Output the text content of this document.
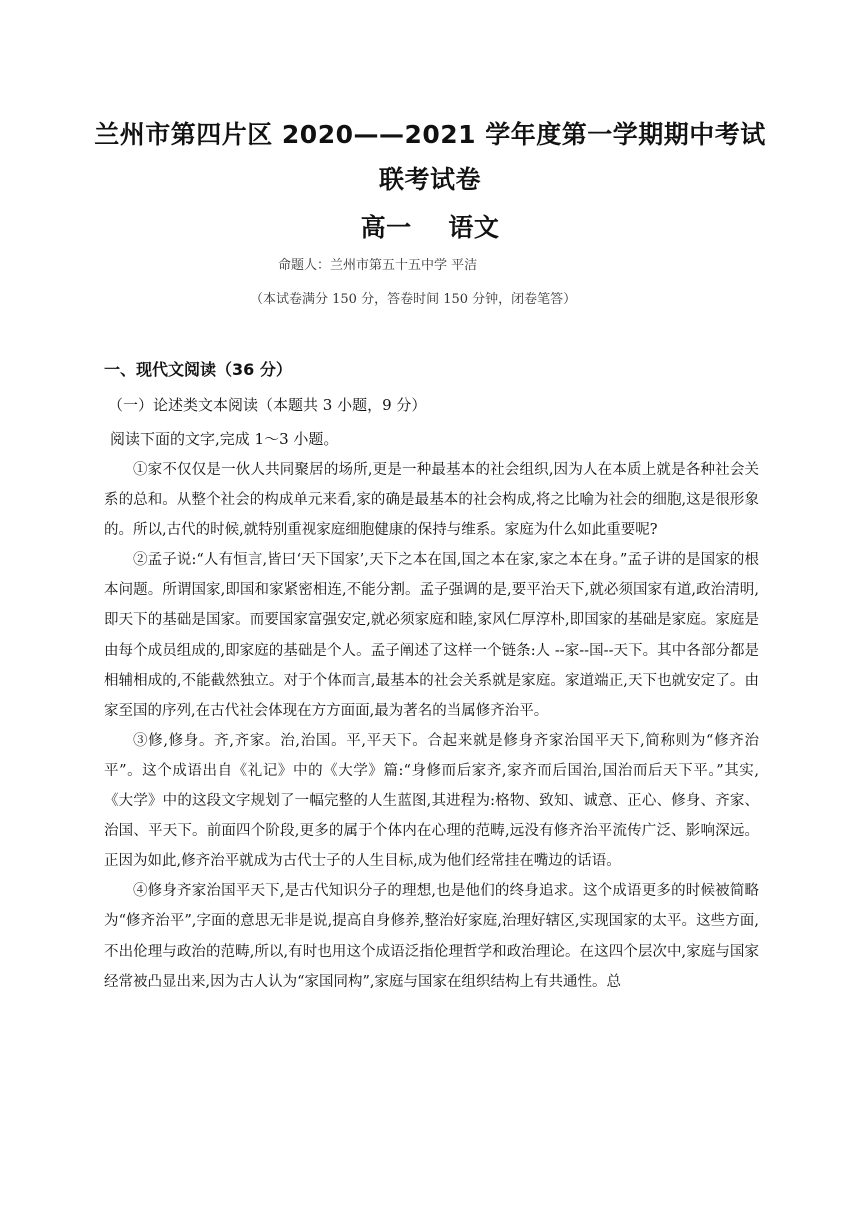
兰州市第四片区 2020——2021 学年度第一学期期中考试
联考试卷
高一    语文
命题人：兰州市第五十五中学 平洁
（本试卷满分 150 分，答卷时间 150 分钟，闭卷笔答）
一、现代文阅读（36 分）
（一）论述类文本阅读（本题共 3 小题，9 分）
阅读下面的文字,完成 1～3 小题。

①家不仅仅是一伙人共同聚居的场所,更是一种最基本的社会组织,因为人在本质上就是各种社会关系的总和。从整个社会的构成单元来看,家的确是最基本的社会构成,将之比喻为社会的细胞,这是很形象的。所以,古代的时候,就特别重视家庭细胞健康的保持与维系。家庭为什么如此重要呢?

②孟子说:“人有恒言,皆曰‘天下国家’,天下之本在国,国之本在家,家之本在身。”孟子讲的是国家的根本问题。所谓国家,即国和家紧密相连,不能分割。孟子强调的是,要平治天下,就必须国家有道,政治清明,即天下的基础是国家。而要国家富强安定,就必须家庭和睦,家风仁厚淳朴,即国家的基础是家庭。家庭是由每个成员组成的,即家庭的基础是个人。孟子阐述了这样一个链条:人 --家--国--天下。其中各部分都是相辅相成的,不能截然独立。对于个体而言,最基本的社会关系就是家庭。家道端正,天下也就安定了。由家至国的序列,在古代社会体现在方方面面,最为著名的当属修齐治平。

③修,修身。齐,齐家。治,治国。平,平天下。合起来就是修身齐家治国平天下,简称则为“修齐治平”。这个成语出自《礼记》中的《大学》篇:“身修而后家齐,家齐而后国治,国治而后天下平。”其实,《大学》中的这段文字规划了一幅完整的人生蓝图,其进程为:格物、致知、诚意、正心、修身、齐家、治国、平天下。前面四个阶段,更多的属于个体内在心理的范畴,远没有修齐治平流传广泛、影响深远。正因为如此,修齐治平就成为古代士子的人生目标,成为他们经常挂在嘴边的话语。

④修身齐家治国平天下,是古代知识分子的理想,也是他们的终身追求。这个成语更多的时候被简略为“修齐治平”,字面的意思无非是说,提高自身修养,整治好家庭,治理好辖区,实现国家的太平。这些方面,不出伦理与政治的范畴,所以,有时也用这个成语泛指伦理哲学和政治理论。在这四个层次中,家庭与国家经常被凸显出来,因为古人认为“家国同构”,家庭与国家在组织结构上有共通性。总
